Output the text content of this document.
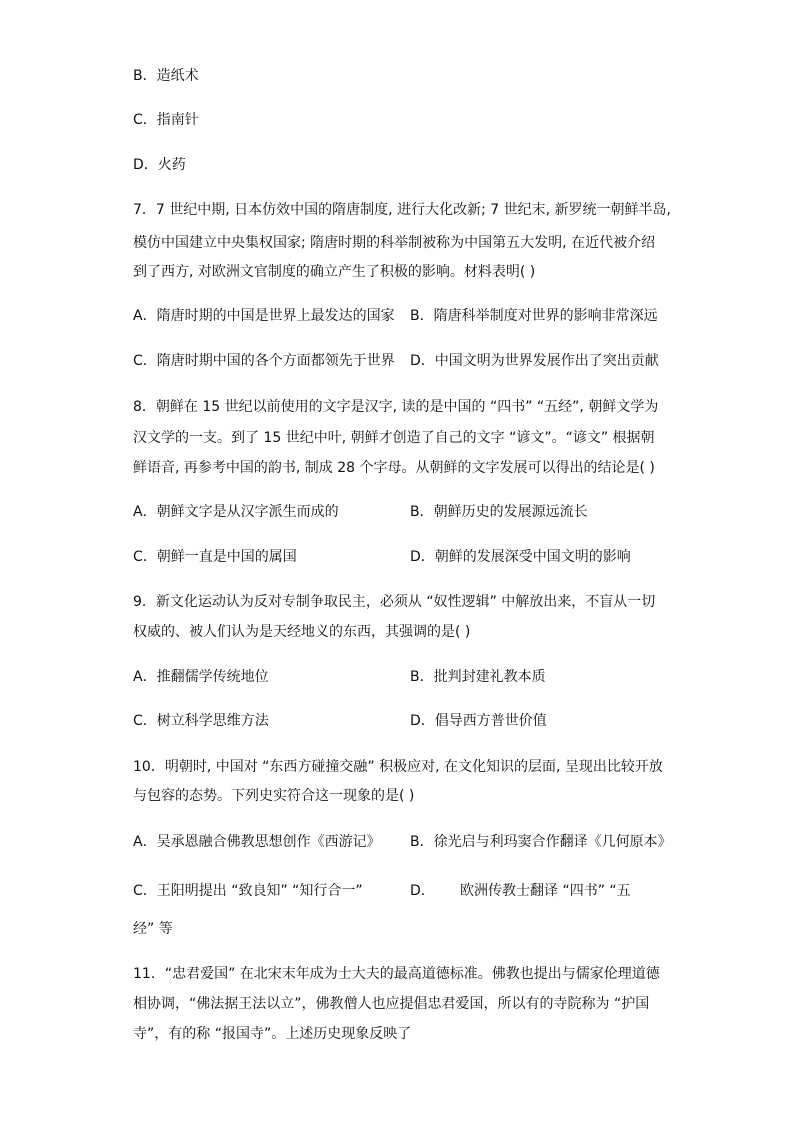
B．造纸术
C．指南针
D．火药
7．7 世纪中期, 日本仿效中国的隋唐制度, 进行大化改新; 7 世纪末, 新罗统一朝鲜半岛,
模仿中国建立中央集权国家; 隋唐时期的科举制被称为中国第五大发明, 在近代被介绍
到了西方, 对欧洲文官制度的确立产生了积极的影响。材料表明( )
A．隋唐时期的中国是世界上最发达的国家 B．隋唐科举制度对世界的影响非常深远
C．隋唐时期中国的各个方面都领先于世界 D．中国文明为世界发展作出了突出贡献
8．朝鲜在 15 世纪以前使用的文字是汉字, 读的是中国的 “四书” “五经”, 朝鲜文学为
汉文学的一支。到了 15 世纪中叶, 朝鲜才创造了自己的文字 “谚文”。“谚文” 根据朝
鲜语音, 再参考中国的韵书, 制成 28 个字母。从朝鲜的文字发展可以得出的结论是( )
A．朝鲜文字是从汉字派生而成的	B．朝鲜历史的发展源远流长
C．朝鲜一直是中国的属国	D．朝鲜的发展深受中国文明的影响
9．新文化运动认为反对专制争取民主，必须从 “奴性逻辑” 中解放出来，不盲从一切
权威的、被人们认为是天经地义的东西，其强调的是( )
A．推翻儒学传统地位	B．批判封建礼教本质
C．树立科学思维方法	D．倡导西方普世价值
10．明朝时, 中国对 “东西方碰撞交融” 积极应对, 在文化知识的层面, 呈现出比较开放
与包容的态势。下列史实符合这一现象的是( )
A．吴承恩融合佛教思想创作《西游记》 B．徐光启与利玛窦合作翻译《几何原本》
C．王阳明提出 “致良知” “知行合一”	D． 欧洲传教士翻译 “四书” “五
经” 等
11．“忠君爱国” 在北宋末年成为士大夫的最高道德标准。佛教也提出与儒家伦理道德
相协调，“佛法据王法以立”，佛教僧人也应提倡忠君爱国，所以有的寺院称为 “护国
寺”，有的称 “报国寺”。上述历史现象反映了
